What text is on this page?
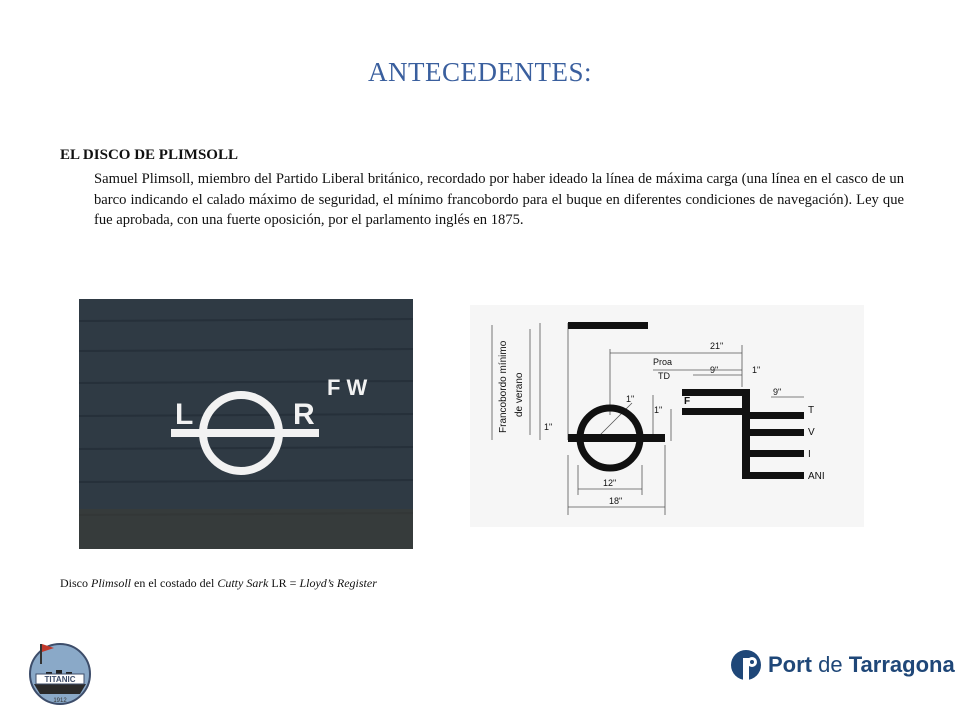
ANTECEDENTES:
EL DISCO DE PLIMSOLL
Samuel Plimsoll, miembro del Partido Liberal británico, recordado por haber ideado la línea de máxima carga (una línea en el casco de un barco indicando el calado máximo de seguridad, el mínimo francobordo para el buque en diferentes condiciones de navegación). Ley que fue aprobada, con una fuerte oposición, por el parlamento inglés en 1875.
L	R
F W	Francobordo mínimo de verano
21"
Proa
TD
9"	1"
9"
1"
1"
1"
F
T
V
I
ANI
12"
18"
Disco Plimsoll en el costado del Cutty Sark LR = Lloyd’s Register
TITANIC
1912
Port de Tarragona
